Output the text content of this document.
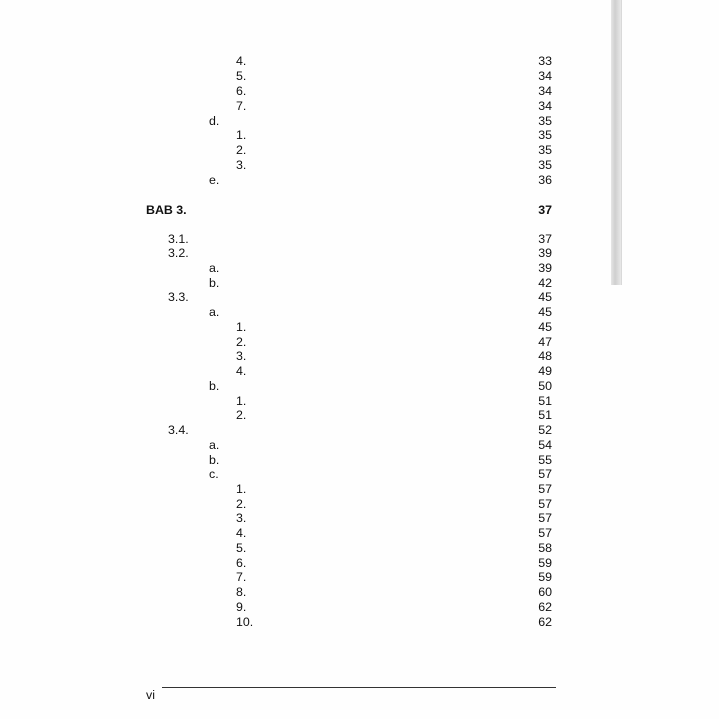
4.	33
5.	34
6.	34
7.	34
d.	35
1.	35
2.	35
3.	35
e.	36
BAB 3.	37
3.1.	37
3.2.	39
a.	39
b.	42
3.3.	45
a.	45
1.	45
2.	47
3.	48
4.	49
b.	50
1.	51
2.	51
3.4.	52
a.	54
b.	55
c.	57
1.	57
2.	57
3.	57
4.	57
5.	58
6.	59
7.	59
8.	60
9.	62
10.	62
vi
